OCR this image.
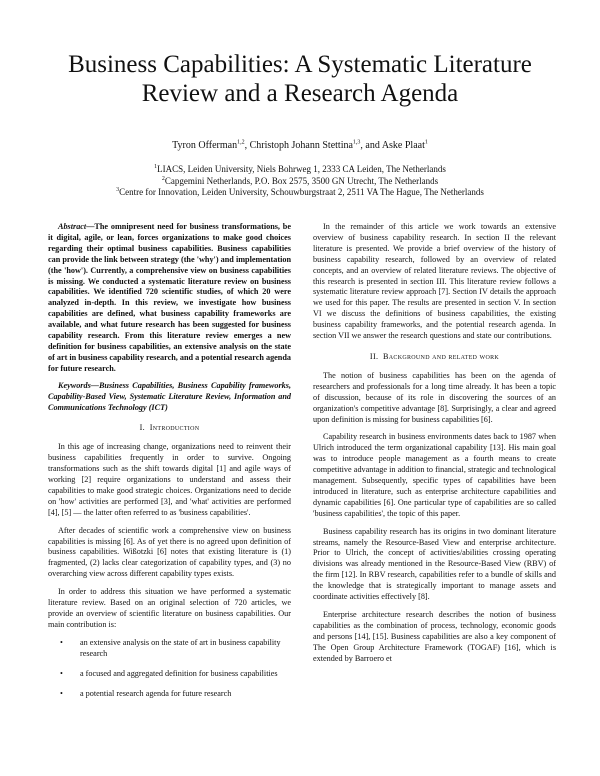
Business Capabilities: A Systematic Literature Review and a Research Agenda
Tyron Offerman$^{1,2}$, Christoph Johann Stettina$^{1,3}$, and Aske Plaat$^1$
$^1$LIACS, Leiden University, Niels Bohrweg 1, 2333 CA Leiden, The Netherlands
$^2$Capgemini Netherlands, P.O. Box 2575, 3500 GN Utrecht, The Netherlands
$^3$Centre for Innovation, Leiden University, Schouwburgstraat 2, 2511 VA The Hague, The Netherlands

Abstract—The omnipresent need for business transformations, be it digital, agile, or lean, forces organizations to make good choices regarding their optimal business capabilities. Business capabilities can provide the link between strategy (the 'why') and implementation (the 'how'). Currently, a comprehensive view on business capabilities is missing. We conducted a systematic literature review on business capabilities. We identified 720 scientific studies, of which 20 were analyzed in-depth. In this review, we investigate how business capabilities are defined, what business capability frameworks are available, and what future research has been suggested for business capability research. From this literature review emerges a new definition for business capabilities, an extensive analysis on the state of art in business capability research, and a potential research agenda for future research.

Keywords—Business Capabilities, Business Capability frameworks, Capability-Based View, Systematic Literature Review, Information and Communications Technology (ICT)

I. Introduction

In this age of increasing change, organizations need to reinvent their business capabilities frequently in order to survive. Ongoing transformations such as the shift towards digital [1] and agile ways of working [2] require organizations to understand and assess their capabilities to make good strategic choices. Organizations need to decide on 'how' activities are performed [3], and 'what' activities are performed [4], [5] — the latter often referred to as 'business capabilities'.

After decades of scientific work a comprehensive view on business capabilities is missing [6]. As of yet there is no agreed upon definition of business capabilities. Wißotzki [6] notes that existing literature is (1) fragmented, (2) lacks clear categorization of capability types, and (3) no overarching view across different capability types exists.

In order to address this situation we have performed a systematic literature review. Based on an original selection of 720 articles, we provide an overview of scientific literature on business capabilities. Our main contribution is:

• an extensive analysis on the state of art in business capability research
• a focused and aggregated definition for business capabilities
• a potential research agenda for future research

In the remainder of this article we work towards an extensive overview of business capability research. In section II the relevant literature is presented. We provide a brief overview of the history of business capability research, followed by an overview of related concepts, and an overview of related literature reviews. The objective of this research is presented in section III. This literature review follows a systematic literature review approach [7]. Section IV details the approach we used for this paper. The results are presented in section V. In section VI we discuss the definitions of business capabilities, the existing business capability frameworks, and the potential research agenda. In section VII we answer the research questions and state our contributions.

II. Background and related work

The notion of business capabilities has been on the agenda of researchers and professionals for a long time already. It has been a topic of discussion, because of its role in discovering the sources of an organization's competitive advantage [8]. Surprisingly, a clear and agreed upon definition is missing for business capabilities [6].

Capability research in business environments dates back to 1987 when Ulrich introduced the term organizational capability [13]. His main goal was to introduce people management as a fourth means to create competitive advantage in addition to financial, strategic and technological management. Subsequently, specific types of capabilities have been introduced in literature, such as enterprise architecture capabilities and dynamic capabilities [6]. One particular type of capabilities are so called 'business capabilities', the topic of this paper.

Business capability research has its origins in two dominant literature streams, namely the Resource-Based View and enterprise architecture. Prior to Ulrich, the concept of activities/abilities crossing operating divisions was already mentioned in the Resource-Based View (RBV) of the firm [12]. In RBV research, capabilities refer to a bundle of skills and the knowledge that is strategically important to manage assets and coordinate activities effectively [8].

Enterprise architecture research describes the notion of business capabilities as the combination of process, technology, economic goods and persons [14], [15]. Business capabilities are also a key component of The Open Group Architecture Framework (TOGAF) [16], which is extended by Barroero et
